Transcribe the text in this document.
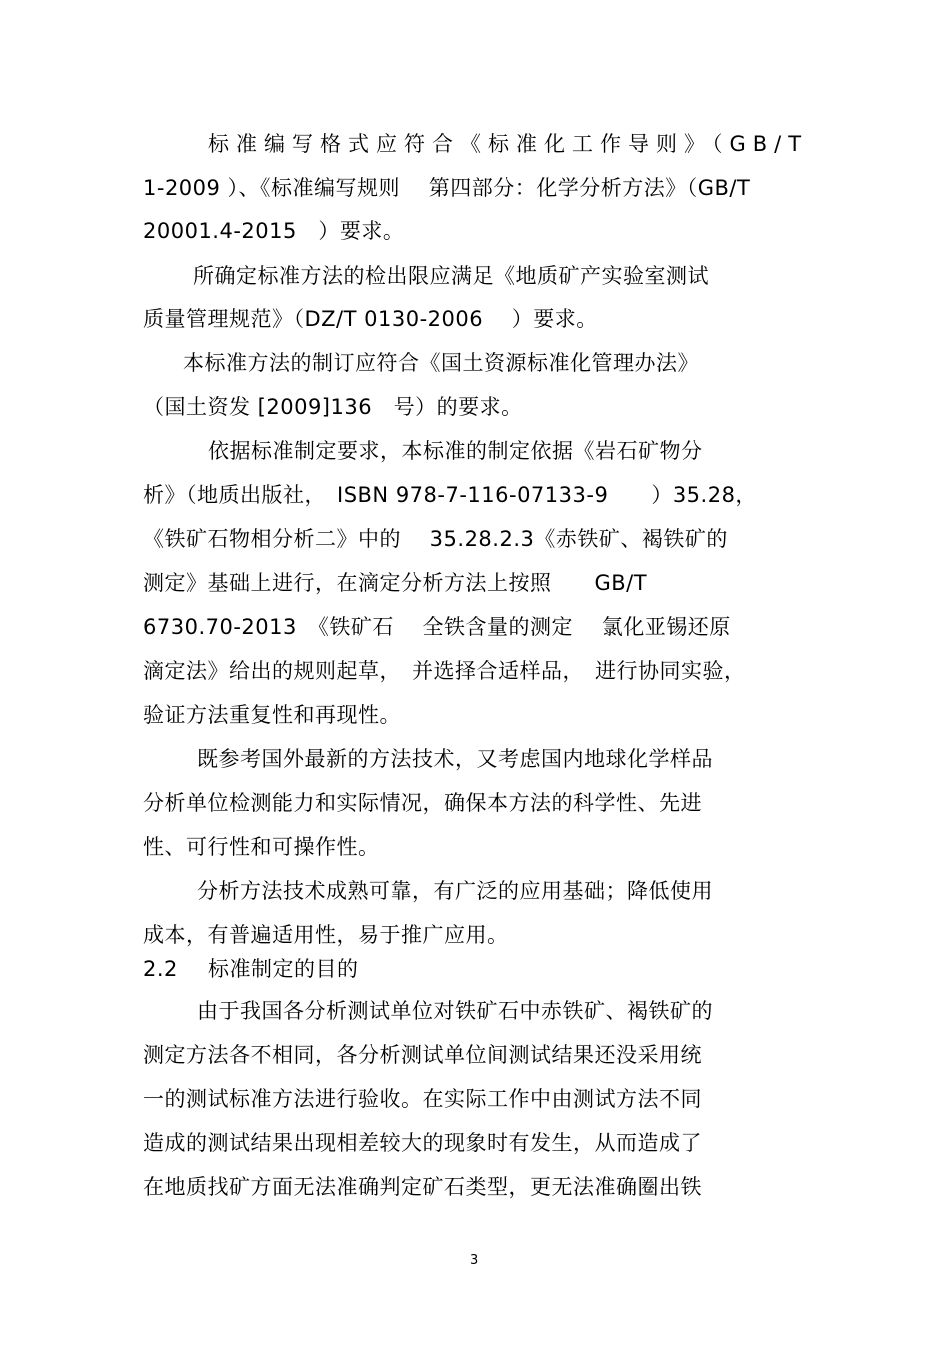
标准编写格式应符合《标准化工作导则》（GB/T
1-2009 ）、《标准编写规则　 第四部分：化学分析方法》（GB/T
20001.4-2015　）要求。
所确定标准方法的检出限应满足《地质矿产实验室测试
质量管理规范》（DZ/T 0130-2006　 ）要求。
本标准方法的制订应符合《国土资源标准化管理办法》
（国土资发 [2009]136　号）的要求。
依据标准制定要求，本标准的制定依据《岩石矿物分
析》（地质出版社，　ISBN 978-7-116-07133-9　　）35.28，
《铁矿石物相分析二》中的　 35.28.2.3《赤铁矿、褐铁矿的
测定》基础上进行，在滴定分析方法上按照　　GB/T
6730.70-2013　《铁矿石　 全铁含量的测定　 氯化亚锡还原
滴定法》给出的规则起草，　并选择合适样品，　进行协同实验，
验证方法重复性和再现性。
既参考国外最新的方法技术，又考虑国内地球化学样品
分析单位检测能力和实际情况，确保本方法的科学性、先进
性、可行性和可操作性。
分析方法技术成熟可靠，有广泛的应用基础；降低使用
成本，有普遍适用性，易于推广应用。
2.2 标准制定的目的
由于我国各分析测试单位对铁矿石中赤铁矿、褐铁矿的
测定方法各不相同，各分析测试单位间测试结果还没采用统
一的测试标准方法进行验收。在实际工作中由测试方法不同
造成的测试结果出现相差较大的现象时有发生，从而造成了
在地质找矿方面无法准确判定矿石类型，更无法准确圈出铁
3
